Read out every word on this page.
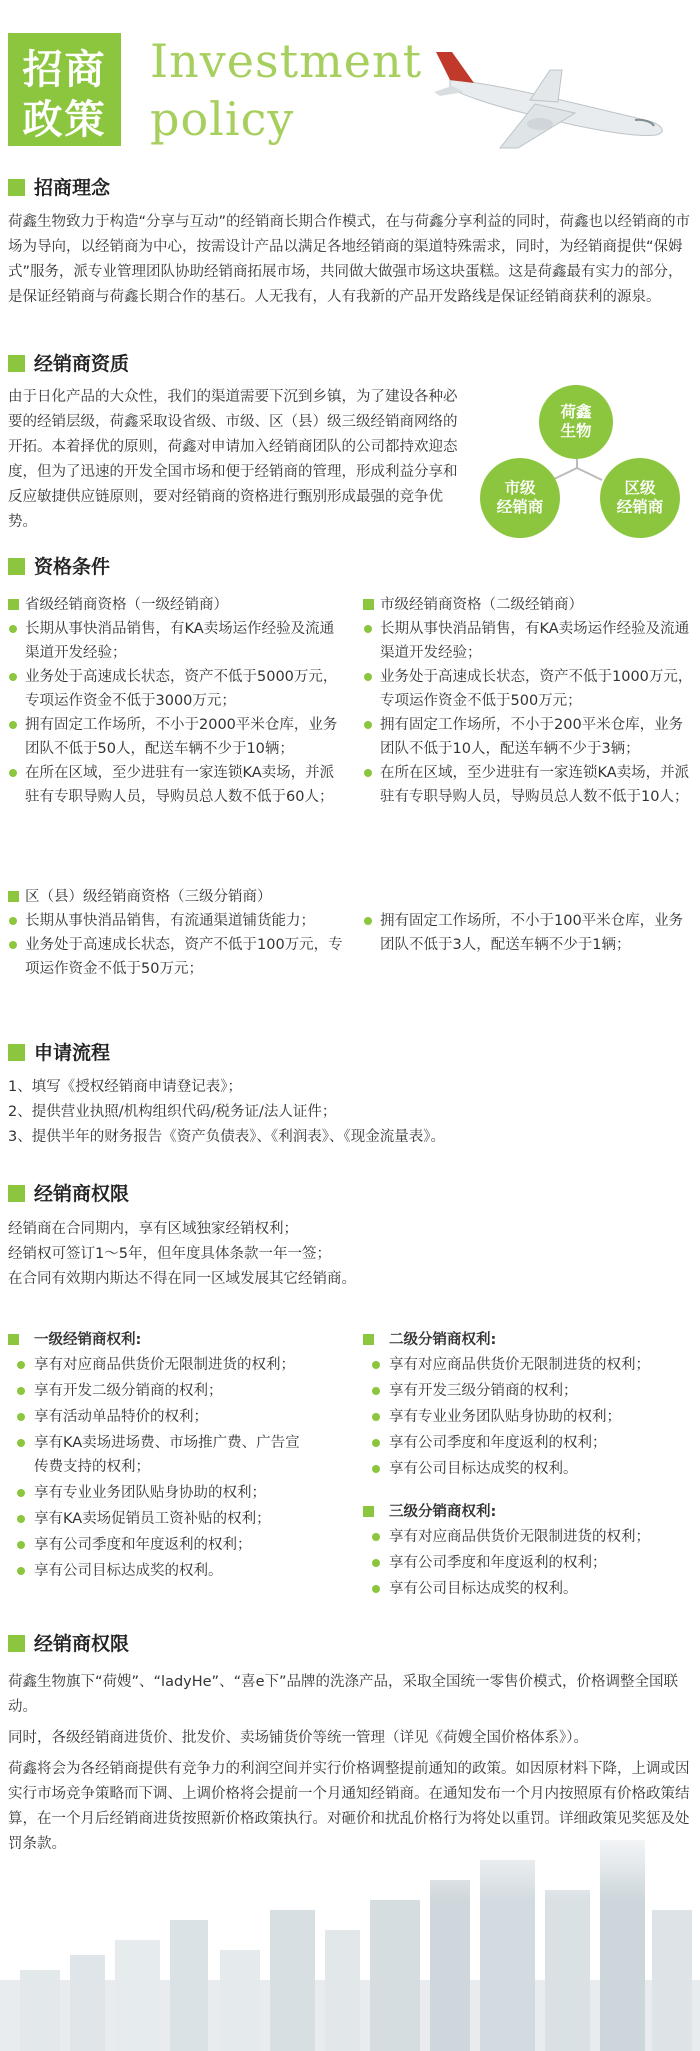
招商
政策
Investment
policy
招商理念

荷鑫生物致力于构造“分享与互动”的经销商长期合作模式，在与荷鑫分享利益的同时，荷鑫也以经销商的市场为导向，以经销商为中心，按需设计产品以满足各地经销商的渠道特殊需求，同时，为经销商提供“保姆式”服务，派专业管理团队协助经销商拓展市场，共同做大做强市场这块蛋糕。这是荷鑫最有实力的部分，是保证经销商与荷鑫长期合作的基石。人无我有，人有我新的产品开发路线是保证经销商获利的源泉。

经销商资质

由于日化产品的大众性，我们的渠道需要下沉到乡镇，为了建设各种必要的经销层级，荷鑫采取设省级、市级、区（县）级三级经销商网络的开拓。本着择优的原则，荷鑫对申请加入经销商团队的公司都持欢迎态度，但为了迅速的开发全国市场和便于经销商的管理，形成利益分享和反应敏捷供应链原则，要对经销商的资格进行甄别形成最强的竞争优势。

荷鑫
生物
市级
经销商
区级
经销商
资格条件
省级经销商资格（一级经销商）
长期从事快消品销售，有KA卖场运作经验及流通渠道开发经验；
业务处于高速成长状态，资产不低于5000万元，专项运作资金不低于3000万元；
拥有固定工作场所，不小于2000平米仓库，业务团队不低于50人，配送车辆不少于10辆；
在所在区域，至少进驻有一家连锁KA卖场，并派驻有专职导购人员，导购员总人数不低于60人；
市级经销商资格（二级经销商）
长期从事快消品销售，有KA卖场运作经验及流通渠道开发经验；
业务处于高速成长状态，资产不低于1000万元，专项运作资金不低于500万元；
拥有固定工作场所，不小于200平米仓库，业务团队不低于10人，配送车辆不少于3辆；
在所在区域，至少进驻有一家连锁KA卖场，并派驻有专职导购人员，导购员总人数不低于10人；
区（县）级经销商资格（三级分销商）
长期从事快消品销售，有流通渠道铺货能力；
业务处于高速成长状态，资产不低于100万元，专项运作资金不低于50万元；
拥有固定工作场所，不小于100平米仓库，业务团队不低于3人，配送车辆不少于1辆；
申请流程

1、填写《授权经销商申请登记表》；

2、提供营业执照/机构组织代码/税务证/法人证件；

3、提供半年的财务报告《资产负债表》、《利润表》、《现金流量表》。

经销商权限

经销商在合同期内，享有区域独家经销权利；

经销权可签订1～5年，但年度具体条款一年一签；

在合同有效期内斯达不得在同一区域发展其它经销商。

一级经销商权利:
享有对应商品供货价无限制进货的权利；
享有开发二级分销商的权利；
享有活动单品特价的权利；
享有KA卖场进场费、市场推广费、广告宣传费支持的权利；
享有专业业务团队贴身协助的权利；
享有KA卖场促销员工资补贴的权利；
享有公司季度和年度返利的权利；
享有公司目标达成奖的权利。
二级分销商权利:
享有对应商品供货价无限制进货的权利；
享有开发三级分销商的权利；
享有专业业务团队贴身协助的权利；
享有公司季度和年度返利的权利；
享有公司目标达成奖的权利。
三级分销商权利:
享有对应商品供货价无限制进货的权利；
享有公司季度和年度返利的权利；
享有公司目标达成奖的权利。
经销商权限

荷鑫生物旗下“荷嫂”、“ladyHe”、“喜e下”品牌的洗涤产品，采取全国统一零售价模式，价格调整全国联动。

同时，各级经销商进货价、批发价、卖场铺货价等统一管理（详见《荷嫂全国价格体系》）。

荷鑫将会为各经销商提供有竞争力的利润空间并实行价格调整提前通知的政策。如因原材料下降，上调或因实行市场竞争策略而下调、上调价格将会提前一个月通知经销商。在通知发布一个月内按照原有价格政策结算，在一个月后经销商进货按照新价格政策执行。对砸价和扰乱价格行为将处以重罚。详细政策见奖惩及处罚条款。
